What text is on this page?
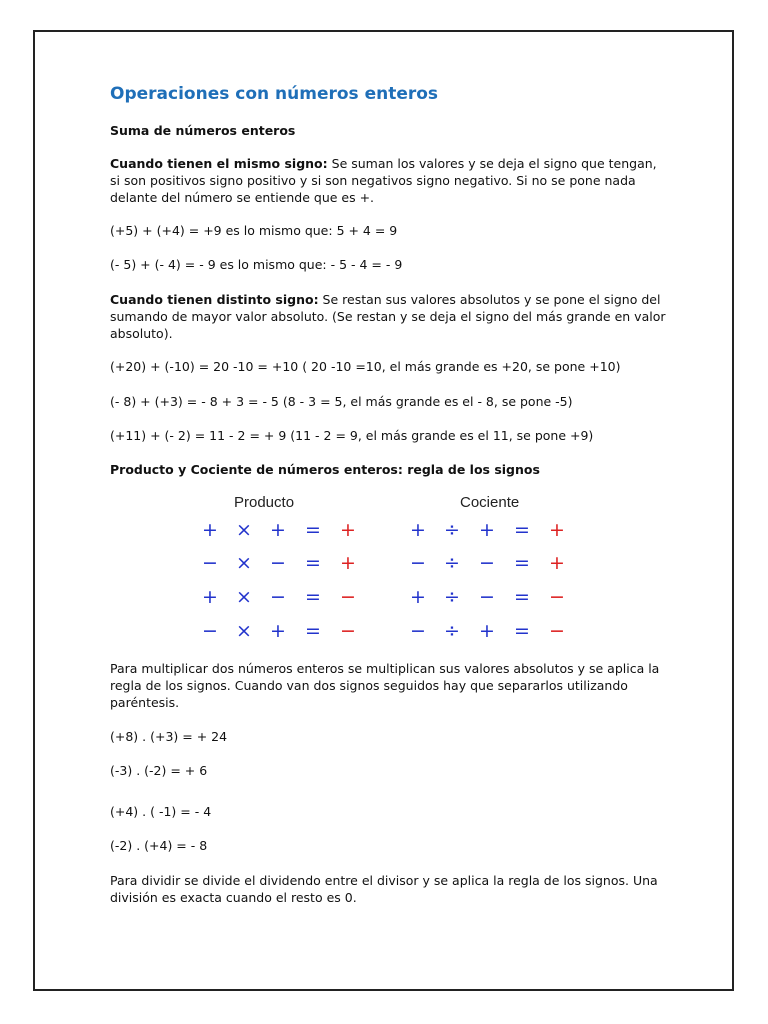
Operaciones con números enteros
Suma de números enteros
Cuando tienen el mismo signo: Se suman los valores y se deja el signo que tengan, si son positivos signo positivo y si son negativos signo negativo. Si no se pone nada delante del número se entiende que es +.
(+5) + (+4) = +9 es lo mismo que: 5 + 4 = 9
(- 5) + (- 4) = - 9 es lo mismo que: - 5 - 4 = - 9
Cuando tienen distinto signo: Se restan sus valores absolutos y se pone el signo del sumando de mayor valor absoluto. (Se restan y se deja el signo del más grande en valor absoluto).
(+20) + (-10) = 20 -10 = +10 ( 20 -10 =10, el más grande es +20, se pone +10)
(- 8) + (+3) = - 8 + 3 = - 5 (8 - 3 = 5, el más grande es el - 8, se pone -5)
(+11) + (- 2) = 11 - 2 = + 9 (11 - 2 = 9, el más grande es el 11, se pone +9)
Producto y Cociente de números enteros: regla de los signos
Producto	Cociente
+ × + = +
− × − = +
+ × − = −
− × + = −
+ ÷ + = +
− ÷ − = +
+ ÷ − = −
− ÷ + = −
Para multiplicar dos números enteros se multiplican sus valores absolutos y se aplica la regla de los signos. Cuando van dos signos seguidos hay que separarlos utilizando paréntesis.
(+8) . (+3) = + 24
(-3) . (-2) = + 6
(+4) . ( -1) = - 4
(-2) . (+4) = - 8
Para dividir se divide el dividendo entre el divisor y se aplica la regla de los signos. Una división es exacta cuando el resto es 0.
